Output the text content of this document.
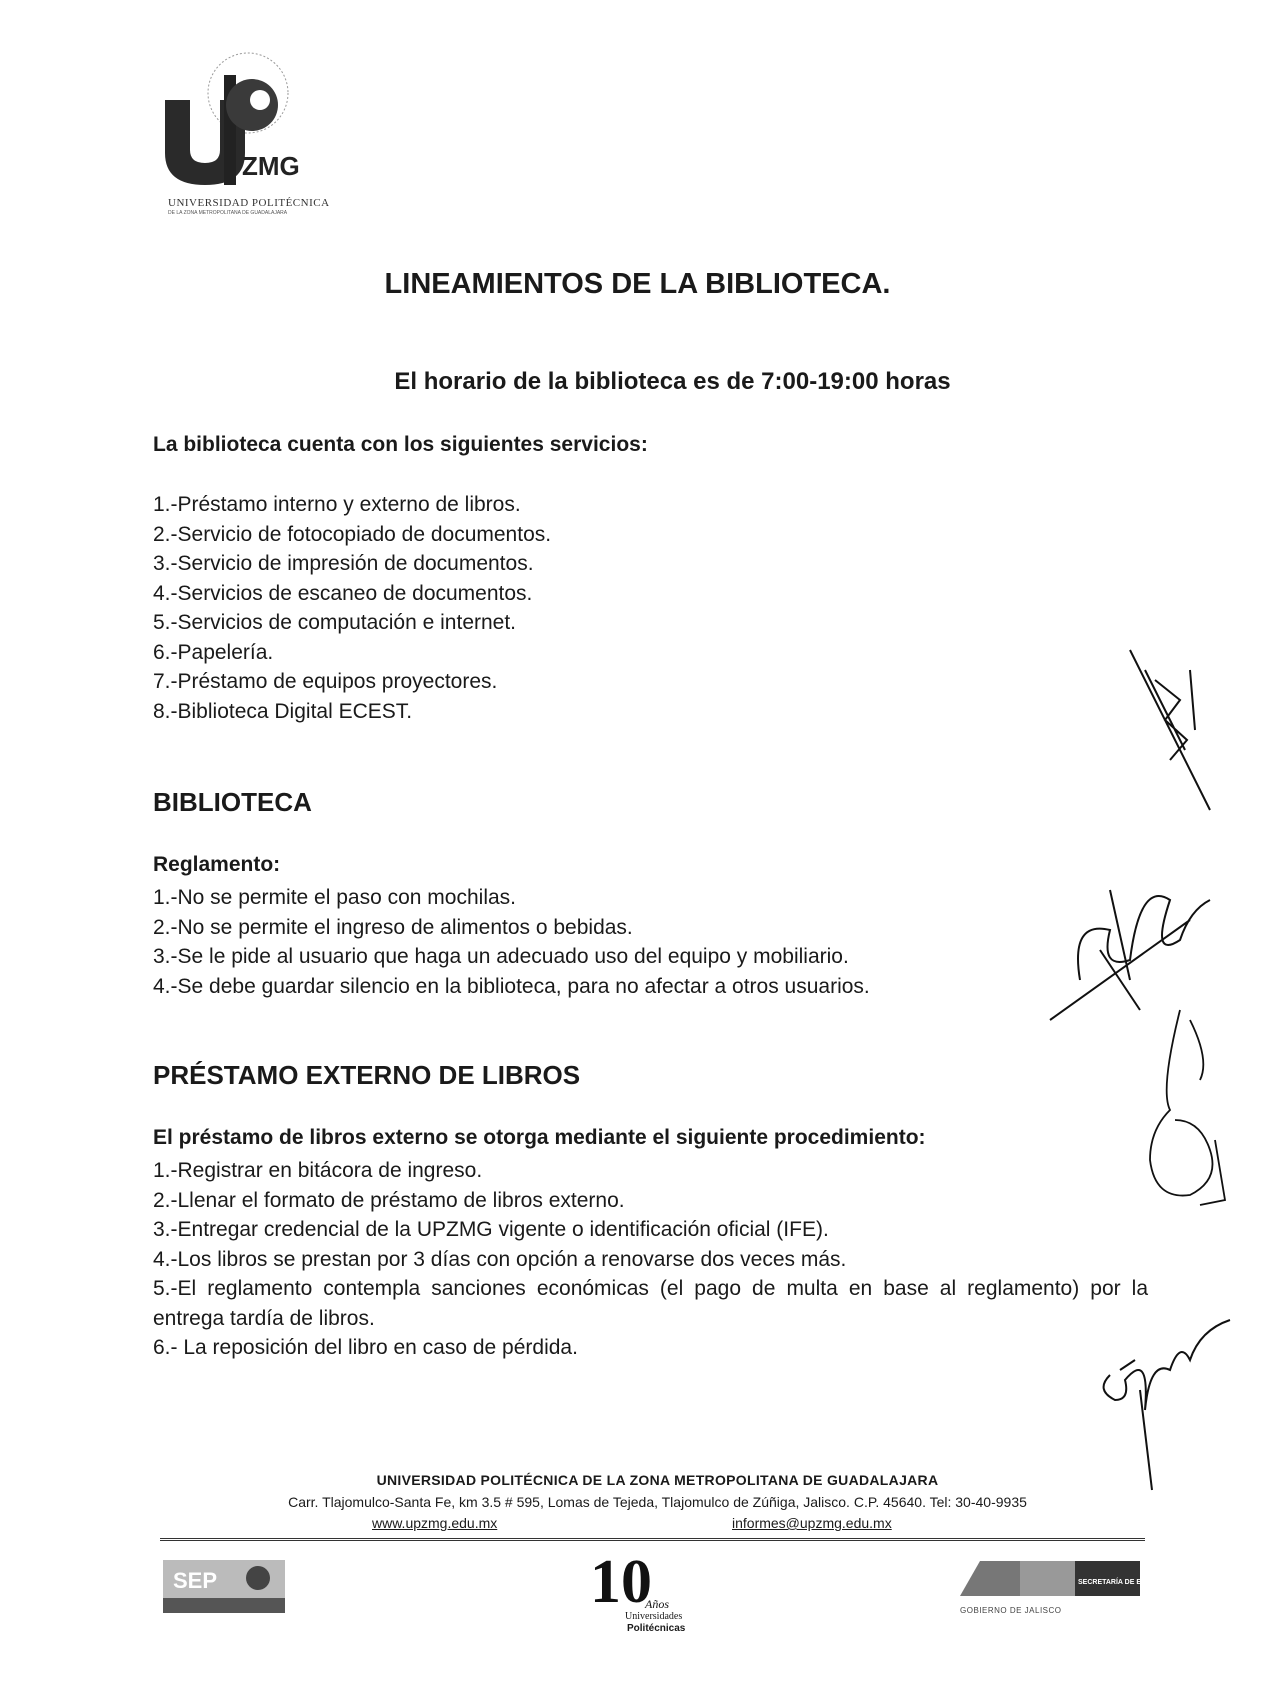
ZMG
UNIVERSIDAD POLITÉCNICA
DE LA ZONA METROPOLITANA DE GUADALAJARA
LINEAMIENTOS DE LA BIBLIOTECA.
El horario de la biblioteca es de 7:00-19:00 horas

La biblioteca cuenta con los siguientes servicios:

1.-Préstamo interno y externo de libros.
2.-Servicio de fotocopiado de documentos.
3.-Servicio de impresión de documentos.
4.-Servicios de escaneo de documentos.
5.-Servicios de computación e internet.
6.-Papelería.
7.-Préstamo de equipos proyectores.
8.-Biblioteca Digital ECEST.
BIBLIOTECA

Reglamento:

1.-No se permite el paso con mochilas.
2.-No se permite el ingreso de alimentos o bebidas.
3.-Se le pide al usuario que haga un adecuado uso del equipo y mobiliario.
4.-Se debe guardar silencio en la biblioteca, para no afectar a otros usuarios.
PRÉSTAMO EXTERNO DE LIBROS

El préstamo de libros externo se otorga mediante el siguiente procedimiento:

1.-Registrar en bitácora de ingreso.
2.-Llenar el formato de préstamo de libros externo.
3.-Entregar credencial de la UPZMG vigente o identificación oficial (IFE).
4.-Los libros se prestan por 3 días con opción a renovarse dos veces más.
5.-El reglamento contempla sanciones económicas (el pago de multa en base al reglamento) por la entrega tardía de libros.
6.- La reposición del libro en caso de pérdida.
UNIVERSIDAD POLITÉCNICA DE LA ZONA METROPOLITANA DE GUADALAJARA
Carr. Tlajomulco-Santa Fe, km 3.5 # 595, Lomas de Tejeda, Tlajomulco de Zúñiga, Jalisco. C.P. 45640. Tel: 30-40-9935
www.upzmg.edu.mx	informes@upzmg.edu.mx
SEP	10
Años
Universidades
Politécnicas
SECRETARÍA DE EDUCACIÓN
GOBIERNO DE JALISCO
